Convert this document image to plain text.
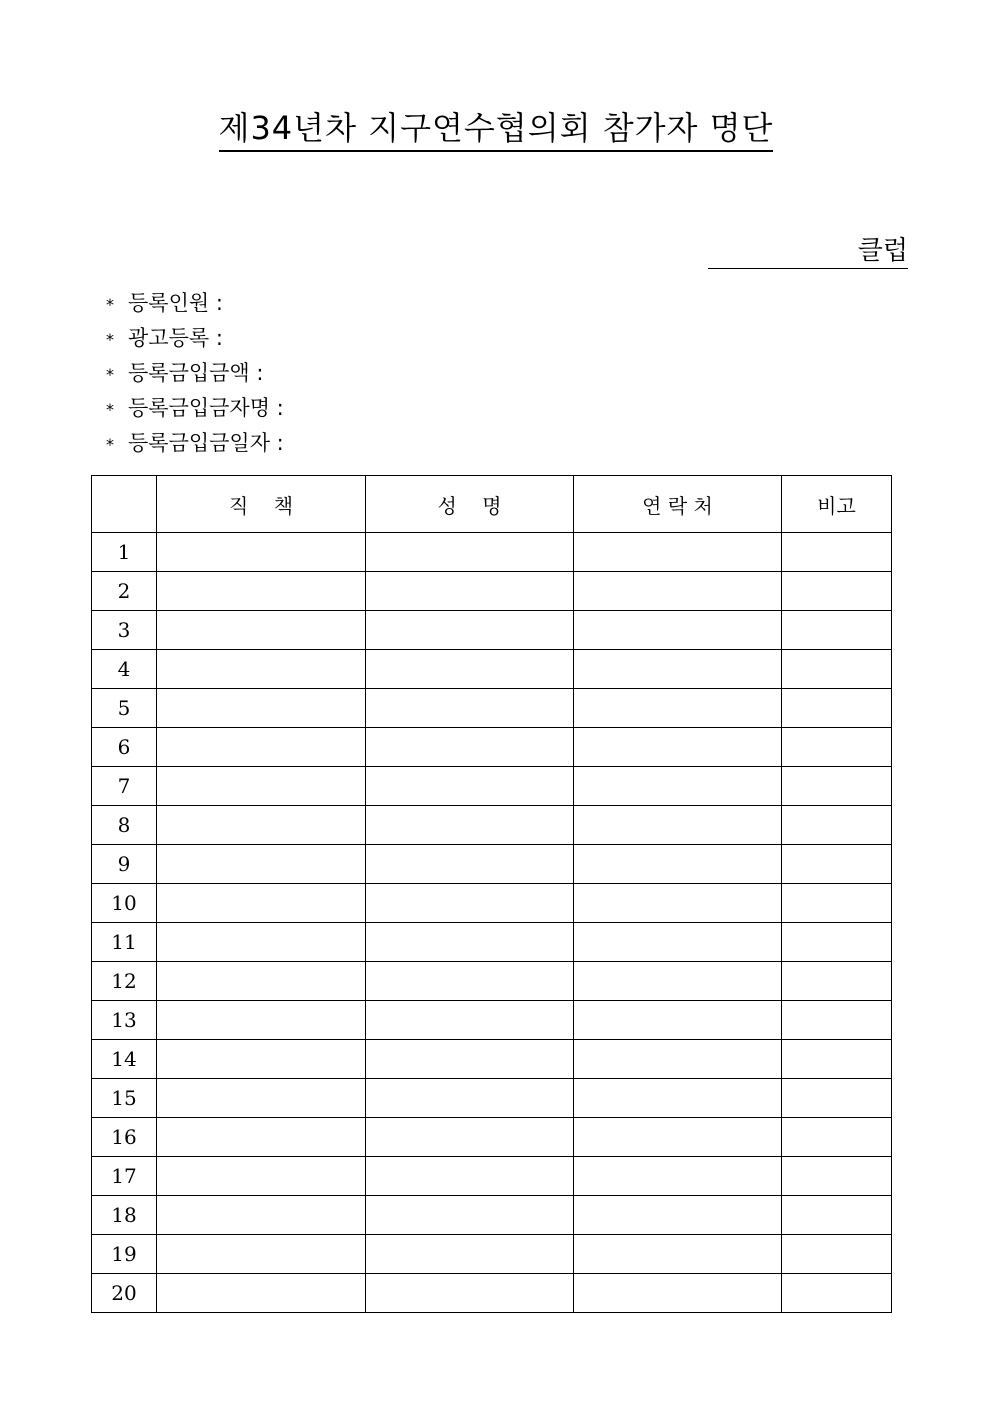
제34년차 지구연수협의회 참가자 명단
클럽
* 등록인원 :
* 광고등록 :
* 등록금입금액 :
* 등록금입금자명 :
* 등록금입금일자 :
	직    책	성    명	연 락 처	비고
1				
2				
3				
4				
5				
6				
7				
8				
9				
10				
11				
12				
13				
14				
15				
16				
17				
18				
19				
20				
